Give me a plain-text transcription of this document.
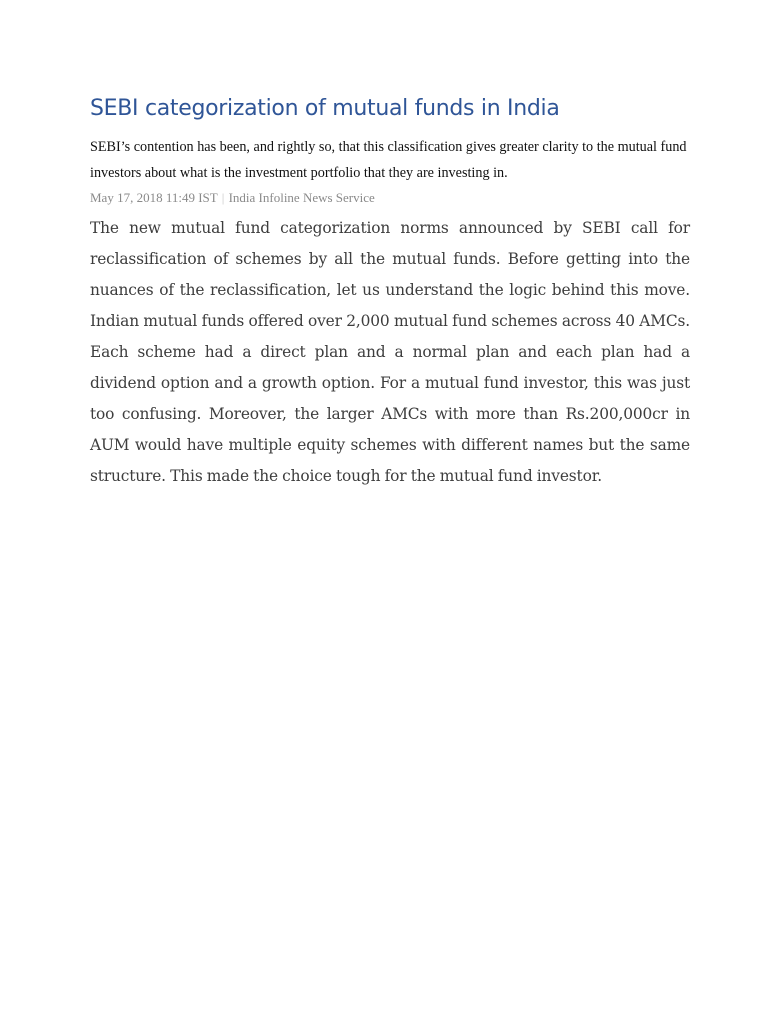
SEBI categorization of mutual funds in India

SEBI’s contention has been, and rightly so, that this classification gives greater clarity to the mutual fund investors about what is the investment portfolio that they are investing in.

May 17, 2018 11:49 IST | India Infoline News Service

The new mutual fund categorization norms announced by SEBI call for reclassification of schemes by all the mutual funds. Before getting into the nuances of the reclassification, let us understand the logic behind this move. Indian mutual funds offered over 2,000 mutual fund schemes across 40 AMCs. Each scheme had a direct plan and a normal plan and each plan had a dividend option and a growth option. For a mutual fund investor, this was just too confusing. Moreover, the larger AMCs with more than Rs.200,000cr in AUM would have multiple equity schemes with different names but the same structure. This made the choice tough for the mutual fund investor.
